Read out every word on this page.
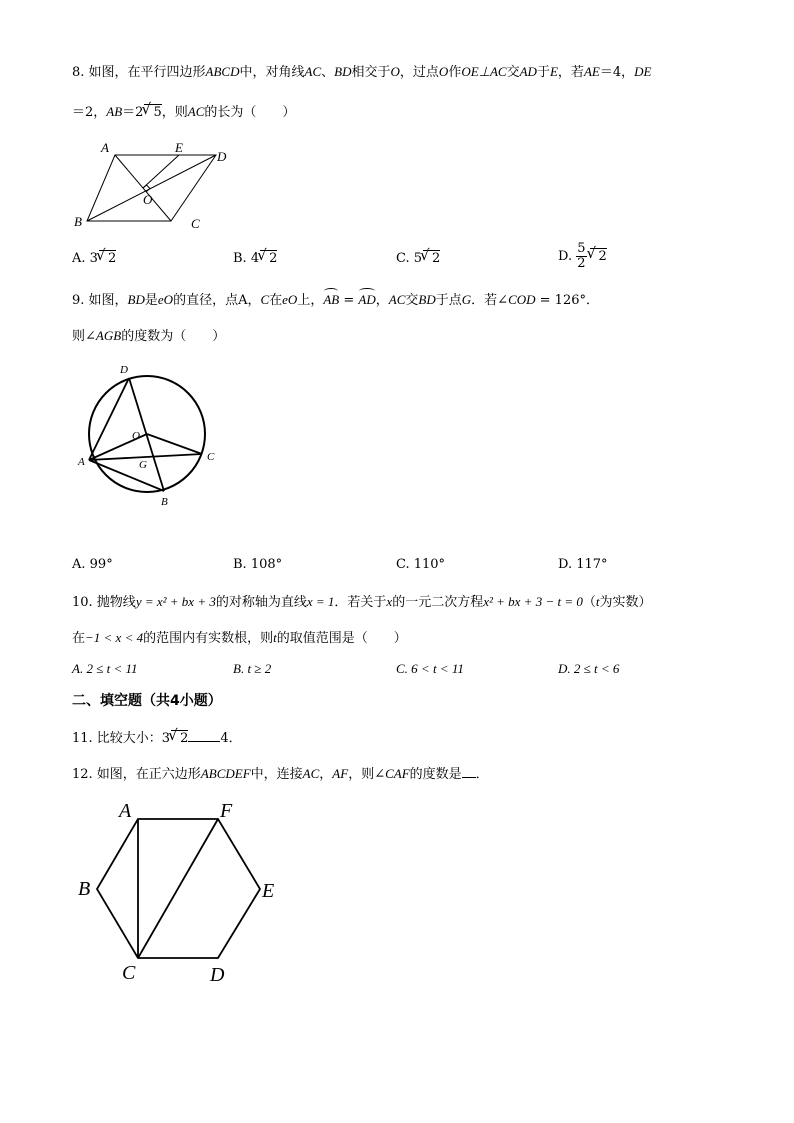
8. 如图，在平行四边形ABCD中，对角线AC、BD相交于O，过点O作OE⊥AC交AD于E，若AE＝4，DE
＝2，AB＝2 √ 5，则AC的长为（　　）
A	E
D
O
B	C
A. 3 √ 2	B. 4 √ 2	C. 5 √ 2	D. $\frac{5}{2}$ √ 2
9. 如图，BD是eO的直径，点A，C在eO上，AB = AD，AC交BD于点G．若∠COD = 126°．
则∠AGB的度数为（　　）
D
O
A	G
C
B
A. 99°	B. 108°	C. 110°	D. 117°
10. 抛物线y = x² + bx + 3的对称轴为直线x = 1．若关于x的一元二次方程x² + bx + 3 − t = 0（t为实数）
在−1 < x < 4的范围内有实数根，则t的取值范围是（　　）
A. 2 ≤ t < 11	B. t ≥ 2	C. 6 < t < 11	D. 2 ≤ t < 6
二、填空题（共4小题）
11. 比较大小：3 √ 2 4．
12. 如图，在正六边形ABCDEF中，连接AC，AF，则∠CAF的度数是 ．
A	F
B	E
C	D
